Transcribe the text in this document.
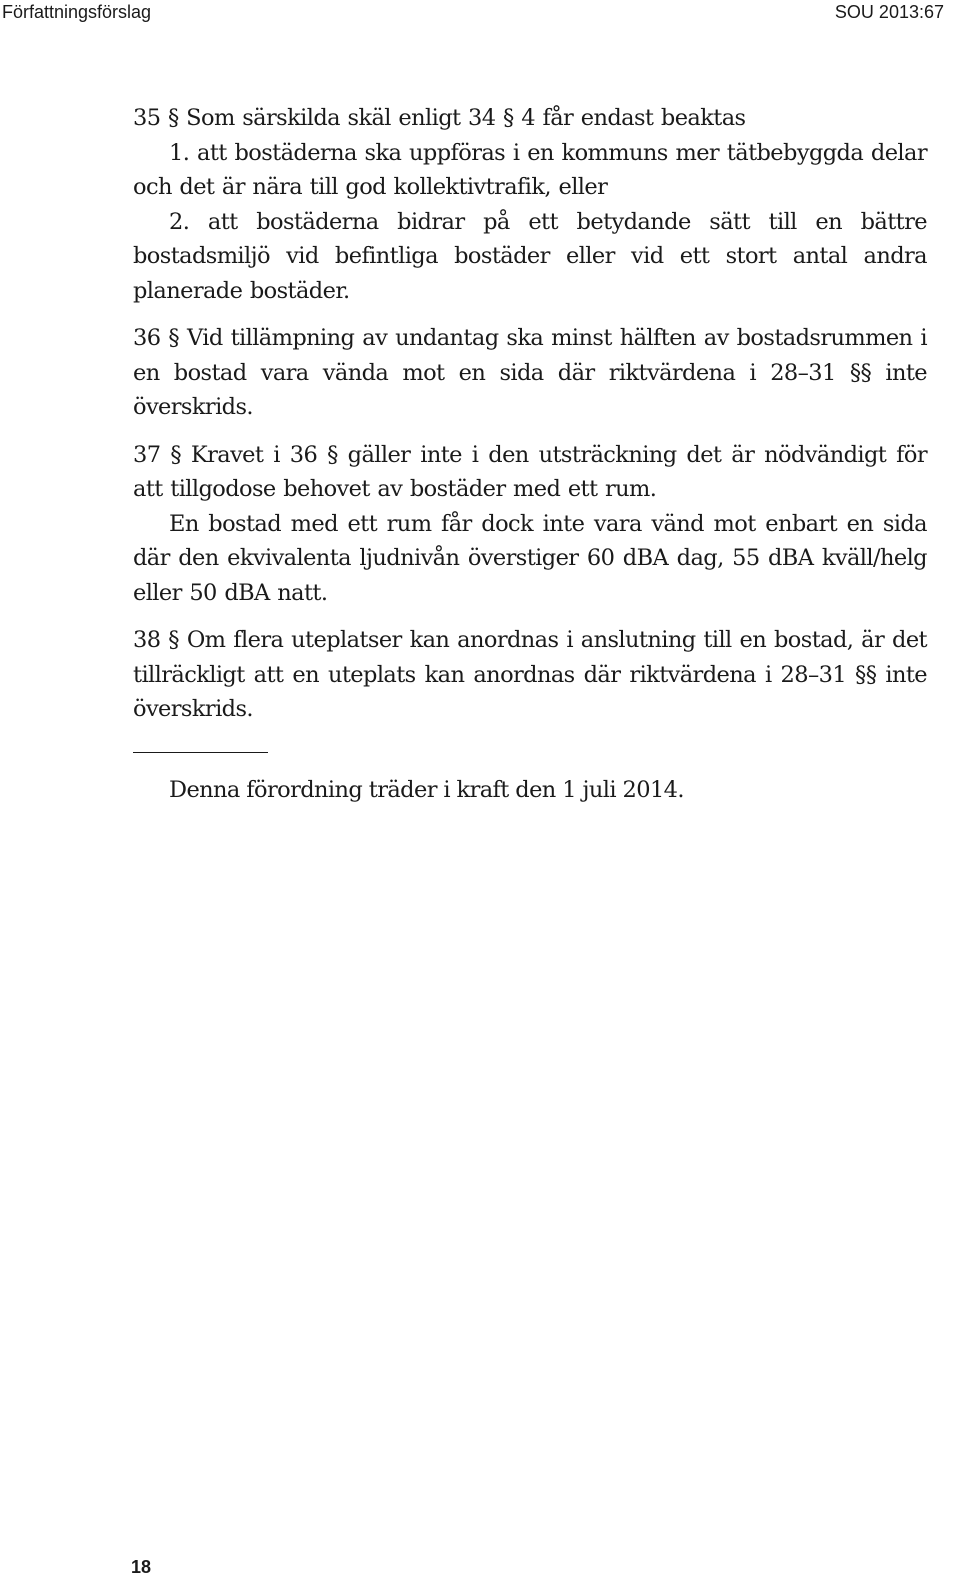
Författningsförslag	SOU 2013:67

35 § Som särskilda skäl enligt 34 § 4 får endast beaktas

1. att bostäderna ska uppföras i en kommuns mer tätbebyggda delar och det är nära till god kollektivtrafik, eller

2. att bostäderna bidrar på ett betydande sätt till en bättre bostadsmiljö vid befintliga bostäder eller vid ett stort antal andra planerade bostäder.

36 § Vid tillämpning av undantag ska minst hälften av bostadsrummen i en bostad vara vända mot en sida där riktvärdena i 28–31 §§ inte överskrids.

37 § Kravet i 36 § gäller inte i den utsträckning det är nödvändigt för att tillgodose behovet av bostäder med ett rum.

En bostad med ett rum får dock inte vara vänd mot enbart en sida där den ekvivalenta ljudnivån överstiger 60 dBA dag, 55 dBA kväll/helg eller 50 dBA natt.

38 § Om flera uteplatser kan anordnas i anslutning till en bostad, är det tillräckligt att en uteplats kan anordnas där riktvärdena i 28–31 §§ inte överskrids.

Denna förordning träder i kraft den 1 juli 2014.
18
